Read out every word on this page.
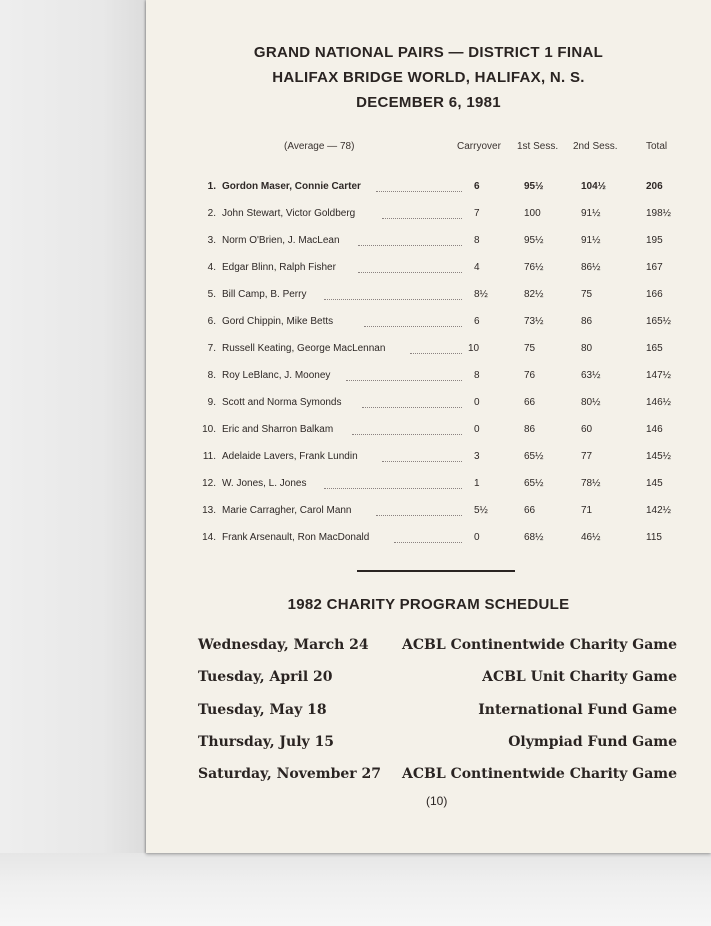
GRAND NATIONAL PAIRS — DISTRICT 1 FINAL
HALIFAX BRIDGE WORLD, HALIFAX, N. S.
DECEMBER 6, 1981
(Average — 78)	Carryover 1st Sess. 2nd Sess.	Total
1. Gordon Maser, Connie Carter	6	95½	104½	206
2. John Stewart, Victor Goldberg	7	100	91½	198½
3. Norm O'Brien, J. MacLean	8	95½	91½	195
4. Edgar Blinn, Ralph Fisher	4	76½	86½	167
5. Bill Camp, B. Perry	8½	82½	75	166
6. Gord Chippin, Mike Betts	6	73½	86	165½
7. Russell Keating, George MacLennan	10	75	80	165
8. Roy LeBlanc, J. Mooney	8	76	63½	147½
9. Scott and Norma Symonds	0	66	80½	146½
10. Eric and Sharron Balkam	0	86	60	146
11. Adelaide Lavers, Frank Lundin	3	65½	77	145½
12. W. Jones, L. Jones	1	65½	78½	145
13. Marie Carragher, Carol Mann	5½	66	71	142½
14. Frank Arsenault, Ron MacDonald	0	68½	46½	115
1982 CHARITY PROGRAM SCHEDULE
Wednesday, March 24 ACBL Continentwide Charity Game
Tuesday, April 20	ACBL Unit Charity Game
Tuesday, May 18	International Fund Game
Thursday, July 15	Olympiad Fund Game
Saturday, November 27 ACBL Continentwide Charity Game
(10)
